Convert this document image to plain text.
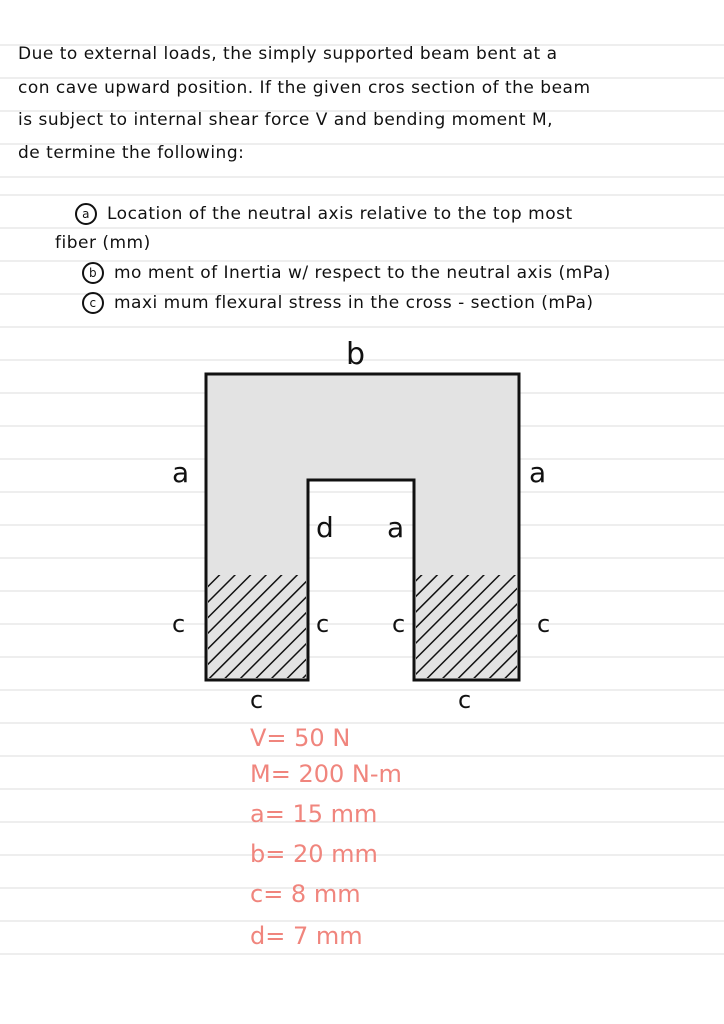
Due to external loads, the simply supported beam bent at a
con cave upward position. If the given cros section of the beam
is subject to internal shear force V and bending moment M,
de termine the following:
a Location of the neutral axis relative to the top most
fiber (mm)
b mo ment of Inertia w/ respect to the neutral axis (mPa)
c maxi mum flexural stress in the cross - section (mPa)
b
a	a
d a
c	c	c	c
c	c
V= 50 N
M= 200 N-m
a= 15 mm
b= 20 mm
c= 8 mm
d= 7 mm
